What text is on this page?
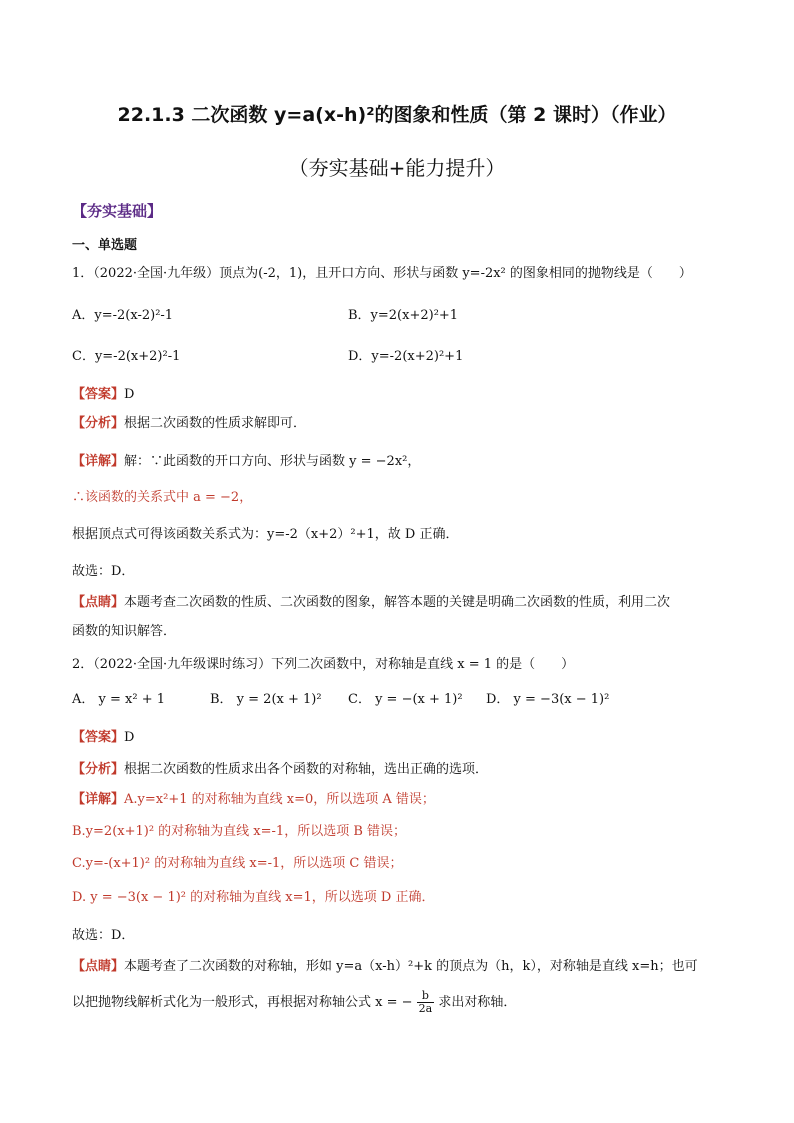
22.1.3 二次函数 y=a(x-h)²的图象和性质（第 2 课时）（作业）
（夯实基础+能力提升）
【夯实基础】
一、单选题
1．（2022·全国·九年级）顶点为(-2，1)，且开口方向、形状与函数 y=-2x² 的图象相同的抛物线是（　　）
A．y=-2(x-2)²-1	B．y=2(x+2)²+1
C．y=-2(x+2)²-1	D．y=-2(x+2)²+1
【答案】D
【分析】根据二次函数的性质求解即可．
【详解】解：∵此函数的开口方向、形状与函数 y = −2x²，
∴该函数的关系式中 a = −2，
根据顶点式可得该函数关系式为：y=-2（x+2）²+1，故 D 正确．
故选：D．
【点睛】本题考查二次函数的性质、二次函数的图象，解答本题的关键是明确二次函数的性质，利用二次
函数的知识解答．
2．（2022·全国·九年级课时练习）下列二次函数中，对称轴是直线 x = 1 的是（　　）
A． y = x² + 1	B． y = 2(x + 1)² C． y = −(x + 1)² D． y = −3(x − 1)²
【答案】D
【分析】根据二次函数的性质求出各个函数的对称轴，选出正确的选项．
【详解】A.y=x²+1 的对称轴为直线 x=0，所以选项 A 错误；
B.y=2(x+1)² 的对称轴为直线 x=-1，所以选项 B 错误；
C.y=-(x+1)² 的对称轴为直线 x=-1，所以选项 C 错误；
D. y = −3(x − 1)² 的对称轴为直线 x=1，所以选项 D 正确．
故选：D．
【点睛】本题考查了二次函数的对称轴，形如 y=a（x-h）²+k 的顶点为（h，k），对称轴是直线 x=h；也可
以把抛物线解析式化为一般形式，再根据对称轴公式 x = − $\frac{b}{2a}$ 求出对称轴．
